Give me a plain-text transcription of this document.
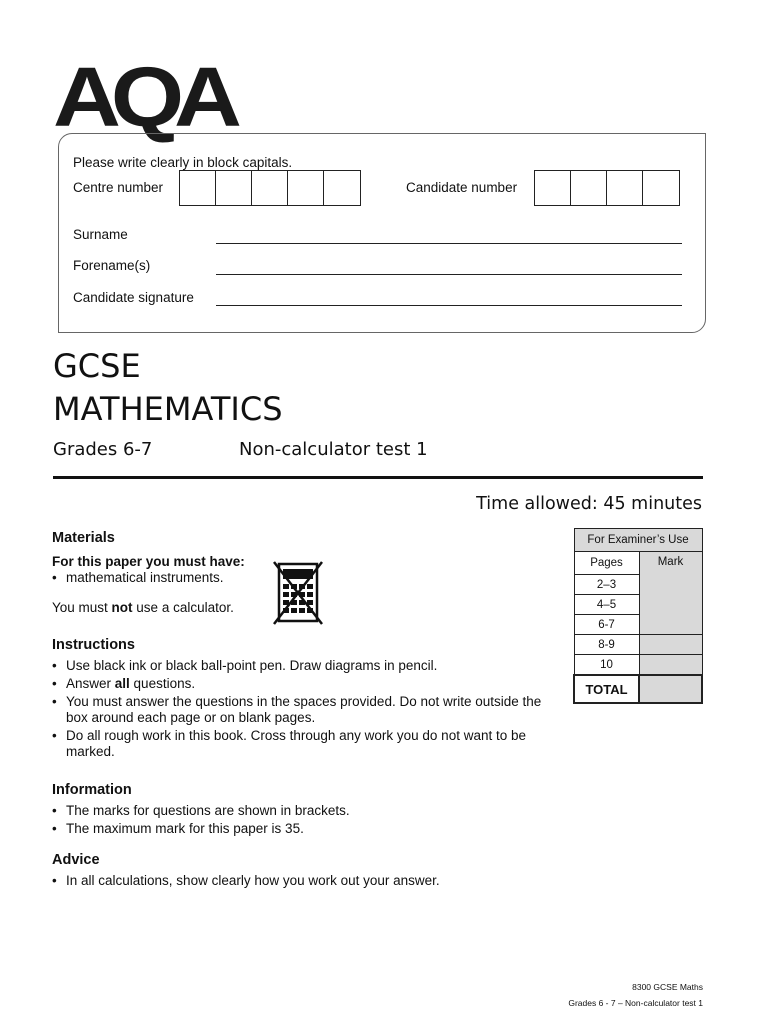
AQA
Please write clearly in block capitals.
Centre number	Candidate number
Surname
Forename(s)
Candidate signature
GCSE
MATHEMATICS
Grades 6-7	Non-calculator test 1
Time allowed: 45 minutes
Materials
For this paper you must have:
• mathematical instruments.
You must not use a calculator.
Instructions
• Use black ink or black ball-point pen. Draw diagrams in pencil.
• Answer all questions.
• You must answer the questions in the spaces provided. Do not write outside the box around each page or on blank pages.
• Do all rough work in this book. Cross through any work you do not want to be marked.
Information
• The marks for questions are shown in brackets.
• The maximum mark for this paper is 35.
Advice
• In all calculations, show clearly how you work out your answer.
For Examiner’s Use	
Pages	Mark
2–3	
4–5	
6-7	
8-9	
10	
TOTAL	
8300 GCSE Maths
Grades 6 - 7 – Non-calculator test 1
